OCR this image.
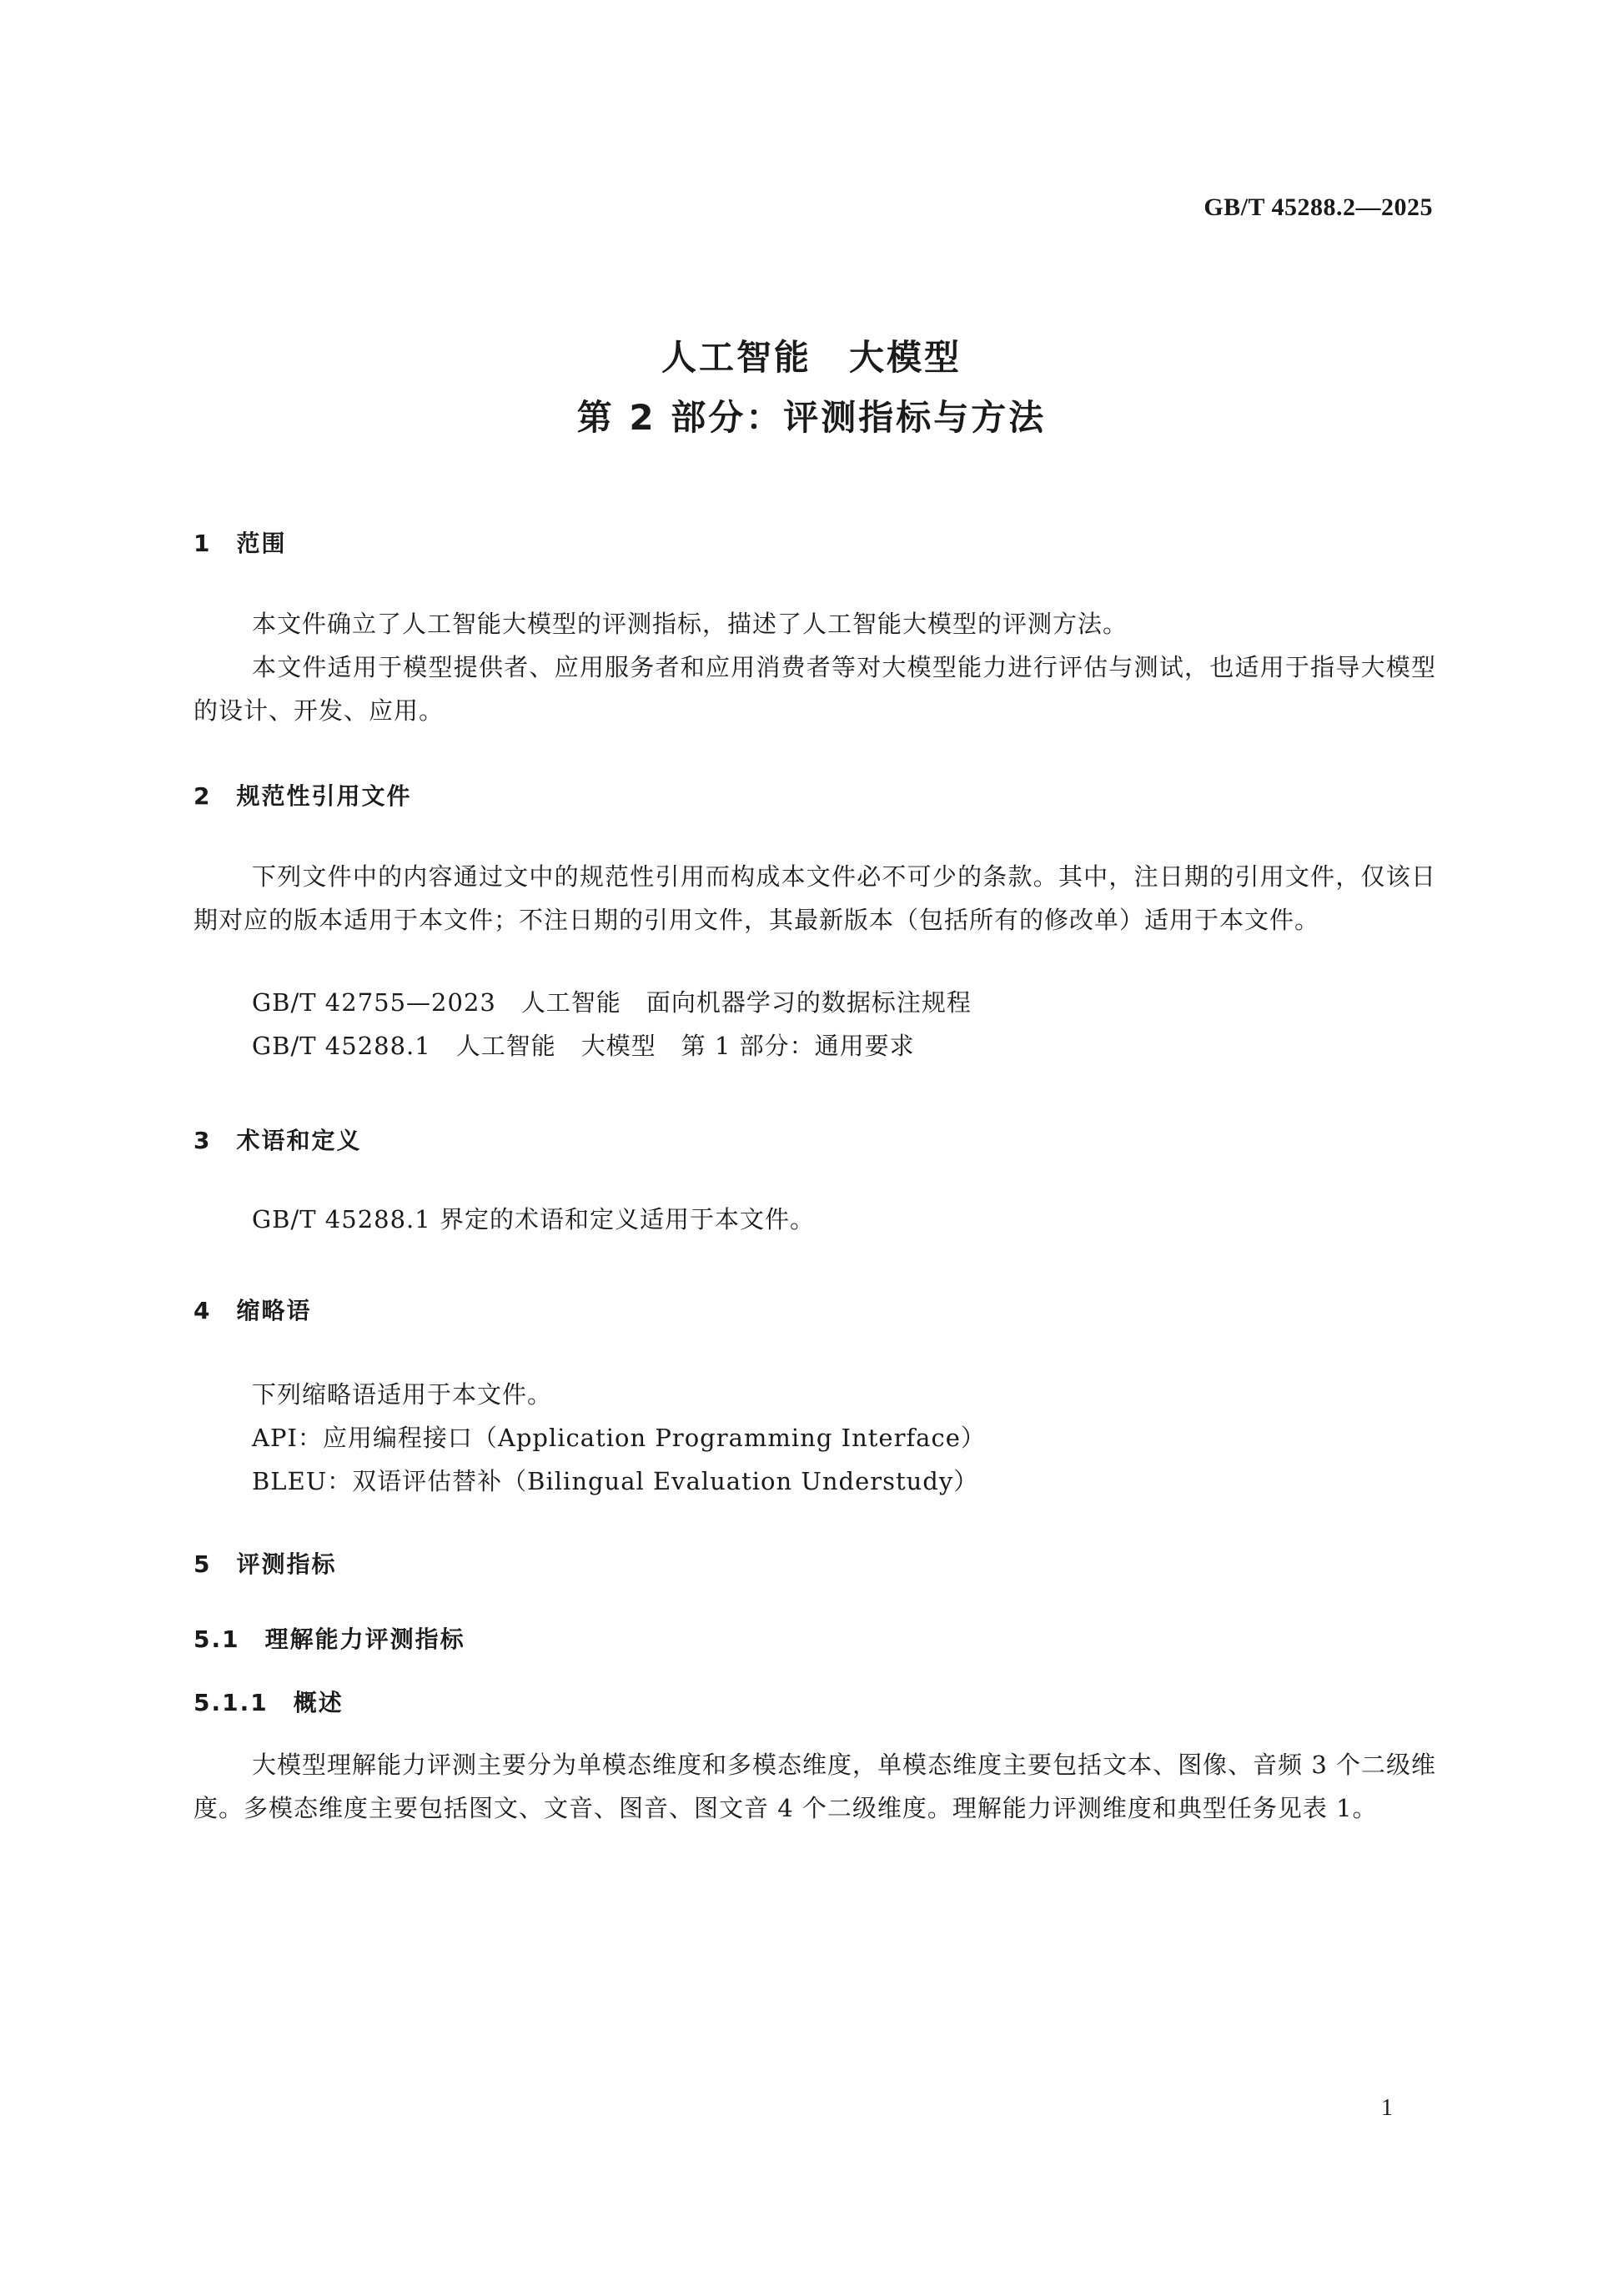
GB/T 45288.2—2025
人工智能　大模型
第 2 部分：评测指标与方法
1　范围
本文件确立了人工智能大模型的评测指标，描述了人工智能大模型的评测方法。
本文件适用于模型提供者、应用服务者和应用消费者等对大模型能力进行评估与测试，也适用于指导大模型的设计、开发、应用。
2　规范性引用文件
下列文件中的内容通过文中的规范性引用而构成本文件必不可少的条款。其中，注日期的引用文件，仅该日期对应的版本适用于本文件；不注日期的引用文件，其最新版本（包括所有的修改单）适用于本文件。
GB/T 42755—2023　人工智能　面向机器学习的数据标注规程
GB/T 45288.1　人工智能　大模型　第 1 部分：通用要求
3　术语和定义
GB/T 45288.1 界定的术语和定义适用于本文件。
4　缩略语
下列缩略语适用于本文件。
API：应用编程接口（Application Programming Interface）
BLEU：双语评估替补（Bilingual Evaluation Understudy）
5　评测指标
5.1　理解能力评测指标
5.1.1　概述
大模型理解能力评测主要分为单模态维度和多模态维度，单模态维度主要包括文本、图像、音频 3 个二级维度。多模态维度主要包括图文、文音、图音、图文音 4 个二级维度。理解能力评测维度和典型任务见表 1。
1
